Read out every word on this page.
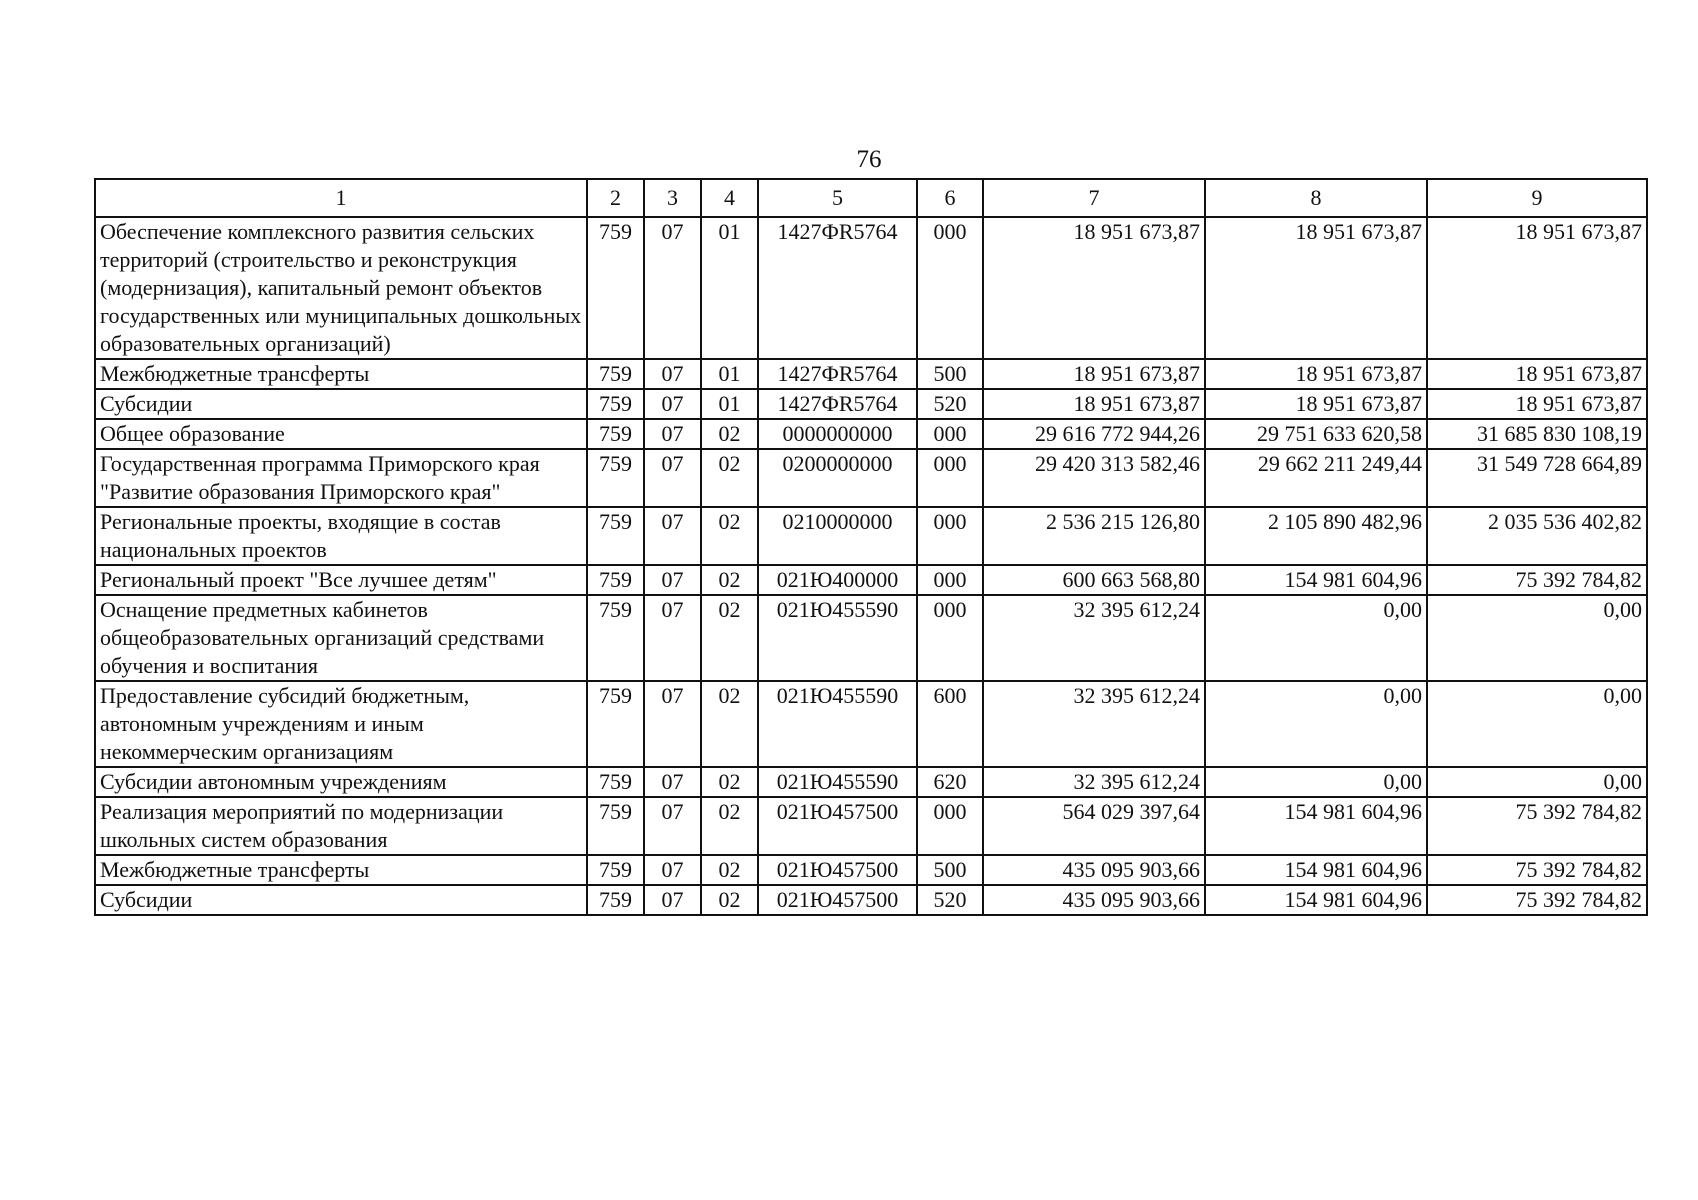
76
1	2	3	4	5	6	7	8	9
Обеспечение комплексного развития сельских территорий (строительство и реконструкция (модернизация), капитальный ремонт объектов государственных или муниципальных дошкольных образовательных организаций)	759	07	01	1427ФR5764	000	18 951 673,87	18 951 673,87	18 951 673,87
Межбюджетные трансферты	759	07	01	1427ФR5764	500	18 951 673,87	18 951 673,87	18 951 673,87
Субсидии	759	07	01	1427ФR5764	520	18 951 673,87	18 951 673,87	18 951 673,87
Общее образование	759	07	02	0000000000	000	29 616 772 944,26	29 751 633 620,58	31 685 830 108,19
Государственная программа Приморского края "Развитие образования Приморского края"	759	07	02	0200000000	000	29 420 313 582,46	29 662 211 249,44	31 549 728 664,89
Региональные проекты, входящие в состав национальных проектов	759	07	02	0210000000	000	2 536 215 126,80	2 105 890 482,96	2 035 536 402,82
Региональный проект "Все лучшее детям"	759	07	02	021Ю400000	000	600 663 568,80	154 981 604,96	75 392 784,82
Оснащение предметных кабинетов общеобразовательных организаций средствами обучения и воспитания	759	07	02	021Ю455590	000	32 395 612,24	0,00	0,00
Предоставление субсидий бюджетным, автономным учреждениям и иным некоммерческим организациям	759	07	02	021Ю455590	600	32 395 612,24	0,00	0,00
Субсидии автономным учреждениям	759	07	02	021Ю455590	620	32 395 612,24	0,00	0,00
Реализация мероприятий по модернизации школьных систем образования	759	07	02	021Ю457500	000	564 029 397,64	154 981 604,96	75 392 784,82
Межбюджетные трансферты	759	07	02	021Ю457500	500	435 095 903,66	154 981 604,96	75 392 784,82
Субсидии	759	07	02	021Ю457500	520	435 095 903,66	154 981 604,96	75 392 784,82
